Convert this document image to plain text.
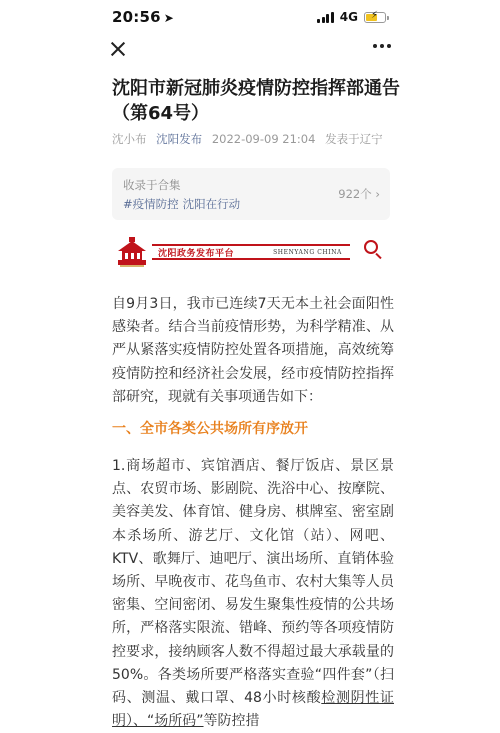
20:56 ➤	4G ⚡
沈阳市新冠肺炎疫情防控指挥部通告（第64号）
沈小布 沈阳发布 2022-09-09 21:04 发表于辽宁
收录于合集
#疫情防控 沈阳在行动
922个 ›
沈阳政务发布平台	SHENYANG CHINA

自9月3日，我市已连续7天无本土社会面阳性感染者。结合当前疫情形势，为科学精准、从严从紧落实疫情防控处置各项措施，高效统筹疫情防控和经济社会发展，经市疫情防控指挥部研究，现就有关事项通告如下：

一、全市各类公共场所有序放开

1.商场超市、宾馆酒店、餐厅饭店、景区景点、农贸市场、影剧院、洗浴中心、按摩院、美容美发、体育馆、健身房、棋牌室、密室剧本杀场所、游艺厅、文化馆（站）、网吧、KTV、歌舞厅、迪吧厅、演出场所、直销体验场所、早晚夜市、花鸟鱼市、农村大集等人员密集、空间密闭、易发生聚集性疫情的公共场所，严格落实限流、错峰、预约等各项疫情防控要求，接纳顾客人数不得超过最大承载量的50%。各类场所要严格落实查验“四件套”（扫码、测温、戴口罩、48小时核酸检测阴性证明）、“场所码”等防控措
